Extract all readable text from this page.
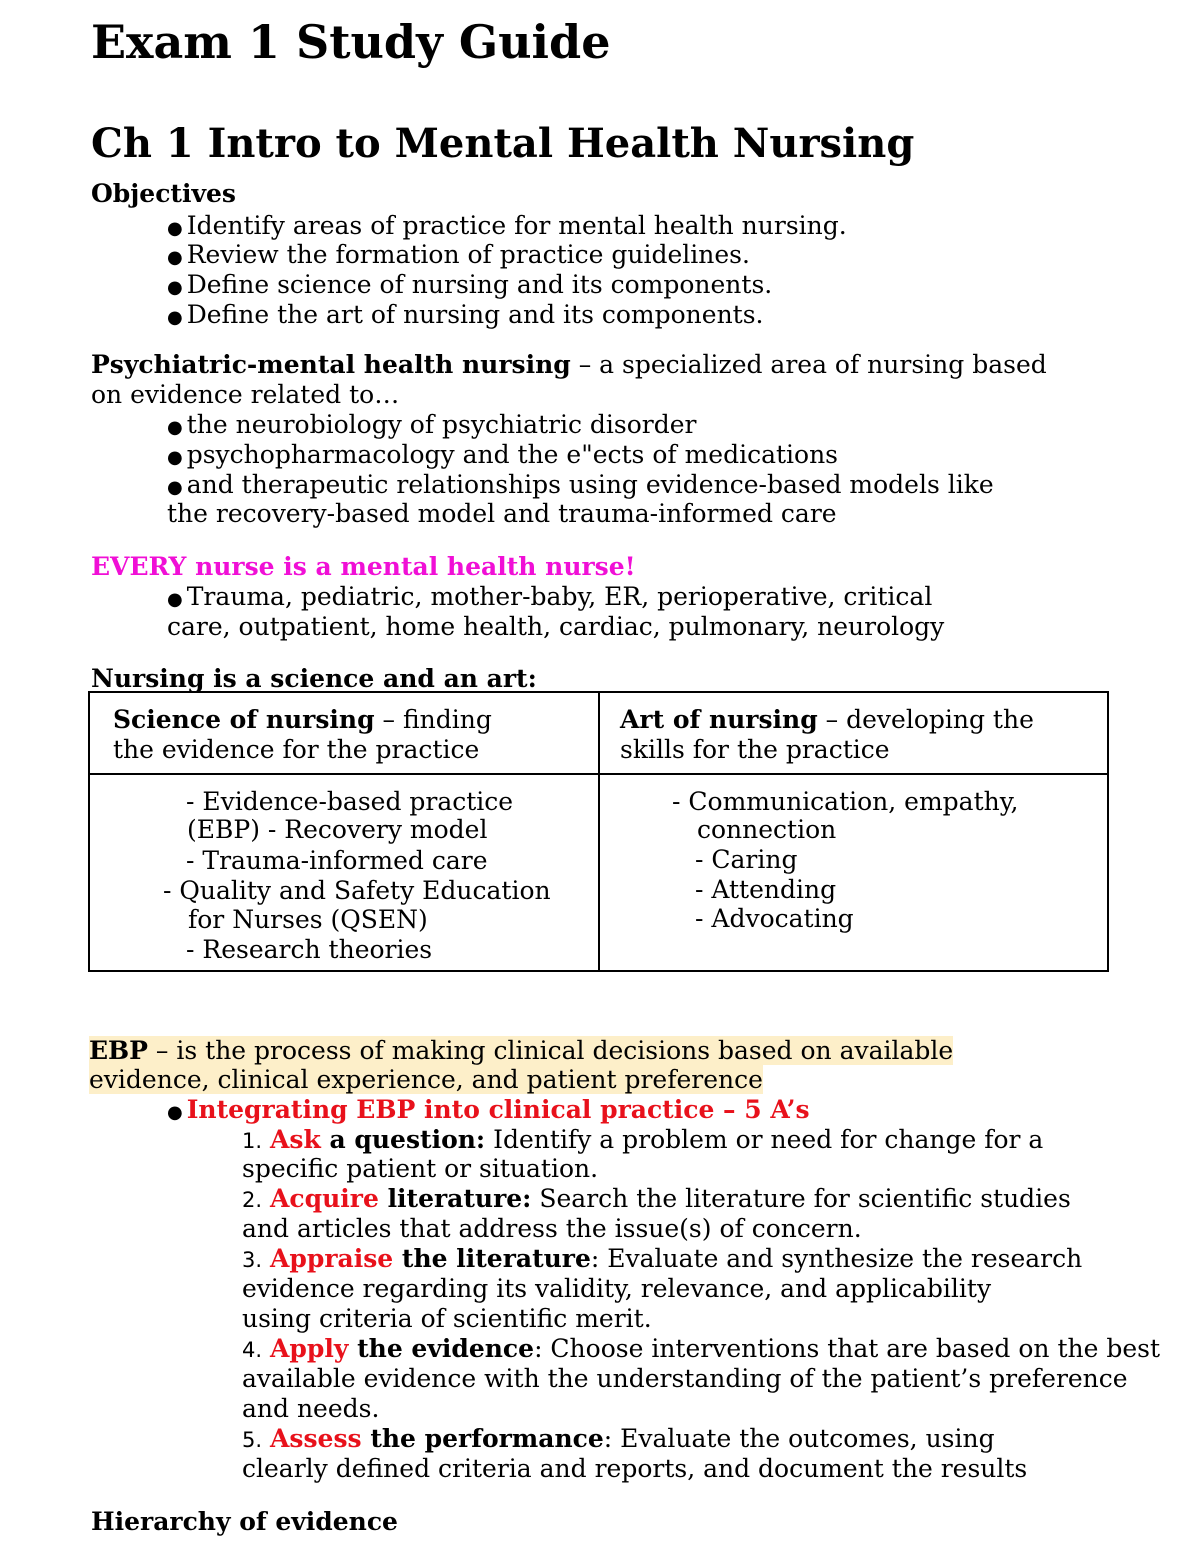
Exam 1 Study Guide
Ch 1 Intro to Mental Health Nursing
Objectives
● Identify areas of practice for mental health nursing.
● Review the formation of practice guidelines.
● Define science of nursing and its components.
● Define the art of nursing and its components.
Psychiatric-mental health nursing – a specialized area of nursing based
on evidence related to…
● the neurobiology of psychiatric disorder
● psychopharmacology and the e"ects of medications
● and therapeutic relationships using evidence-based models like
the recovery-based model and trauma-informed care
EVERY nurse is a mental health nurse!
● Trauma, pediatric, mother-baby, ER, perioperative, critical
care, outpatient, home health, cardiac, pulmonary, neurology
Nursing is a science and an art:
Science of nursing – finding
the evidence for the practice
Art of nursing – developing the
skills for the practice
- Evidence-based practice
(EBP) - Recovery model
- Trauma-informed care
- Quality and Safety Education
for Nurses (QSEN)
- Research theories
- Communication, empathy,
connection
- Caring
- Attending
- Advocating
EBP – is the process of making clinical decisions based on available
evidence, clinical experience, and patient preference
● Integrating EBP into clinical practice – 5 A’s
1. Ask a question: Identify a problem or need for change for a
specific patient or situation.
2. Acquire literature: Search the literature for scientific studies
and articles that address the issue(s) of concern.
3. Appraise the literature: Evaluate and synthesize the research
evidence regarding its validity, relevance, and applicability
using criteria of scientific merit.
4. Apply the evidence: Choose interventions that are based on the best
available evidence with the understanding of the patient’s preference
and needs.
5. Assess the performance: Evaluate the outcomes, using
clearly defined criteria and reports, and document the results
Hierarchy of evidence
